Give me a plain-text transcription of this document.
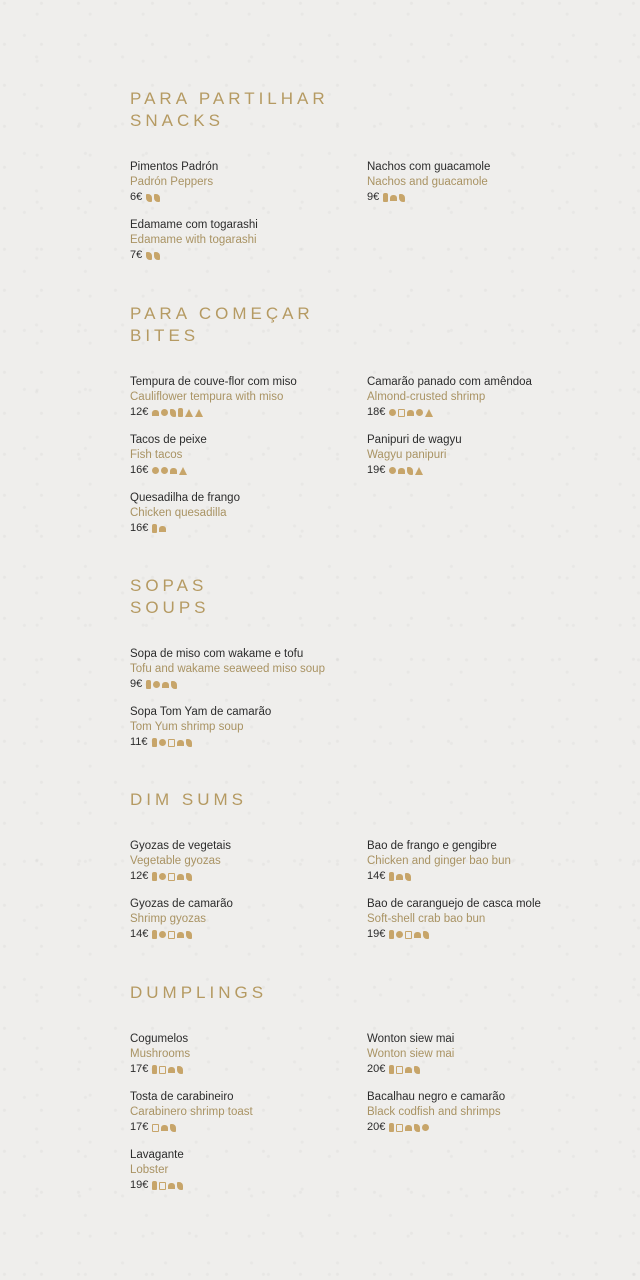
PARA PARTILHAR
SNACKS
Pimentos Padrón
Padrón Peppers
6€
Nachos com guacamole
Nachos and guacamole
9€
Edamame com togarashi
Edamame with togarashi
7€
PARA COMEÇAR
BITES
Tempura de couve-flor com miso
Cauliflower tempura with miso
12€
Camarão panado com amêndoa
Almond-crusted shrimp
18€
Tacos de peixe
Fish tacos
16€
Panipuri de wagyu
Wagyu panipuri
19€
Quesadilha de frango
Chicken quesadilla
16€
SOPAS
SOUPS
Sopa de miso com wakame e tofu
Tofu and wakame seaweed miso soup
9€
Sopa Tom Yam de camarão
Tom Yum shrimp soup
11€
DIM SUMS
Gyozas de vegetais
Vegetable gyozas
12€
Bao de frango e gengibre
Chicken and ginger bao bun
14€
Gyozas de camarão
Shrimp gyozas
14€
Bao de caranguejo de casca mole
Soft-shell crab bao bun
19€
DUMPLINGS
Cogumelos
Mushrooms
17€
Wonton siew mai
Wonton siew mai
20€
Tosta de carabineiro
Carabinero shrimp toast
17€
Bacalhau negro e camarão
Black codfish and shrimps
20€
Lavagante
Lobster
19€
